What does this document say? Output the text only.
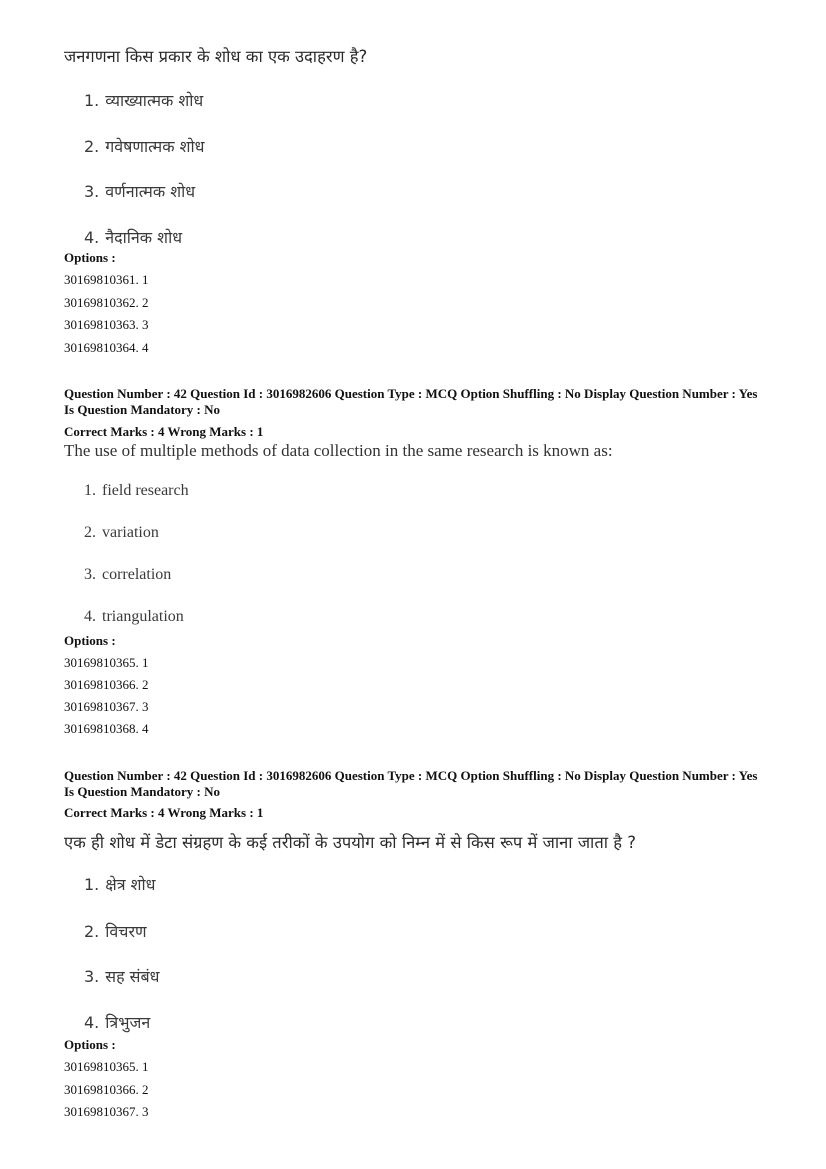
जनगणना किस प्रकार के शोध का एक उदाहरण है?
1. व्याख्यात्मक शोध
2. गवेषणात्मक शोध
3. वर्णनात्मक शोध
4. नैदानिक शोध
Options :
30169810361. 1
30169810362. 2
30169810363. 3
30169810364. 4
Question Number : 42 Question Id : 3016982606 Question Type : MCQ Option Shuffling : No Display Question Number : Yes Is Question Mandatory : No
Correct Marks : 4 Wrong Marks : 1
The use of multiple methods of data collection in the same research is known as:
1. field research
2. variation
3. correlation
4. triangulation
Options :
30169810365. 1
30169810366. 2
30169810367. 3
30169810368. 4
Question Number : 42 Question Id : 3016982606 Question Type : MCQ Option Shuffling : No Display Question Number : Yes Is Question Mandatory : No
Correct Marks : 4 Wrong Marks : 1
एक ही शोध में डेटा संग्रहण के कई तरीकों के उपयोग को निम्न में से किस रूप में जाना जाता है ?
1. क्षेत्र शोध
2. विचरण
3. सह संबंध
4. त्रिभुजन
Options :
30169810365. 1
30169810366. 2
30169810367. 3
